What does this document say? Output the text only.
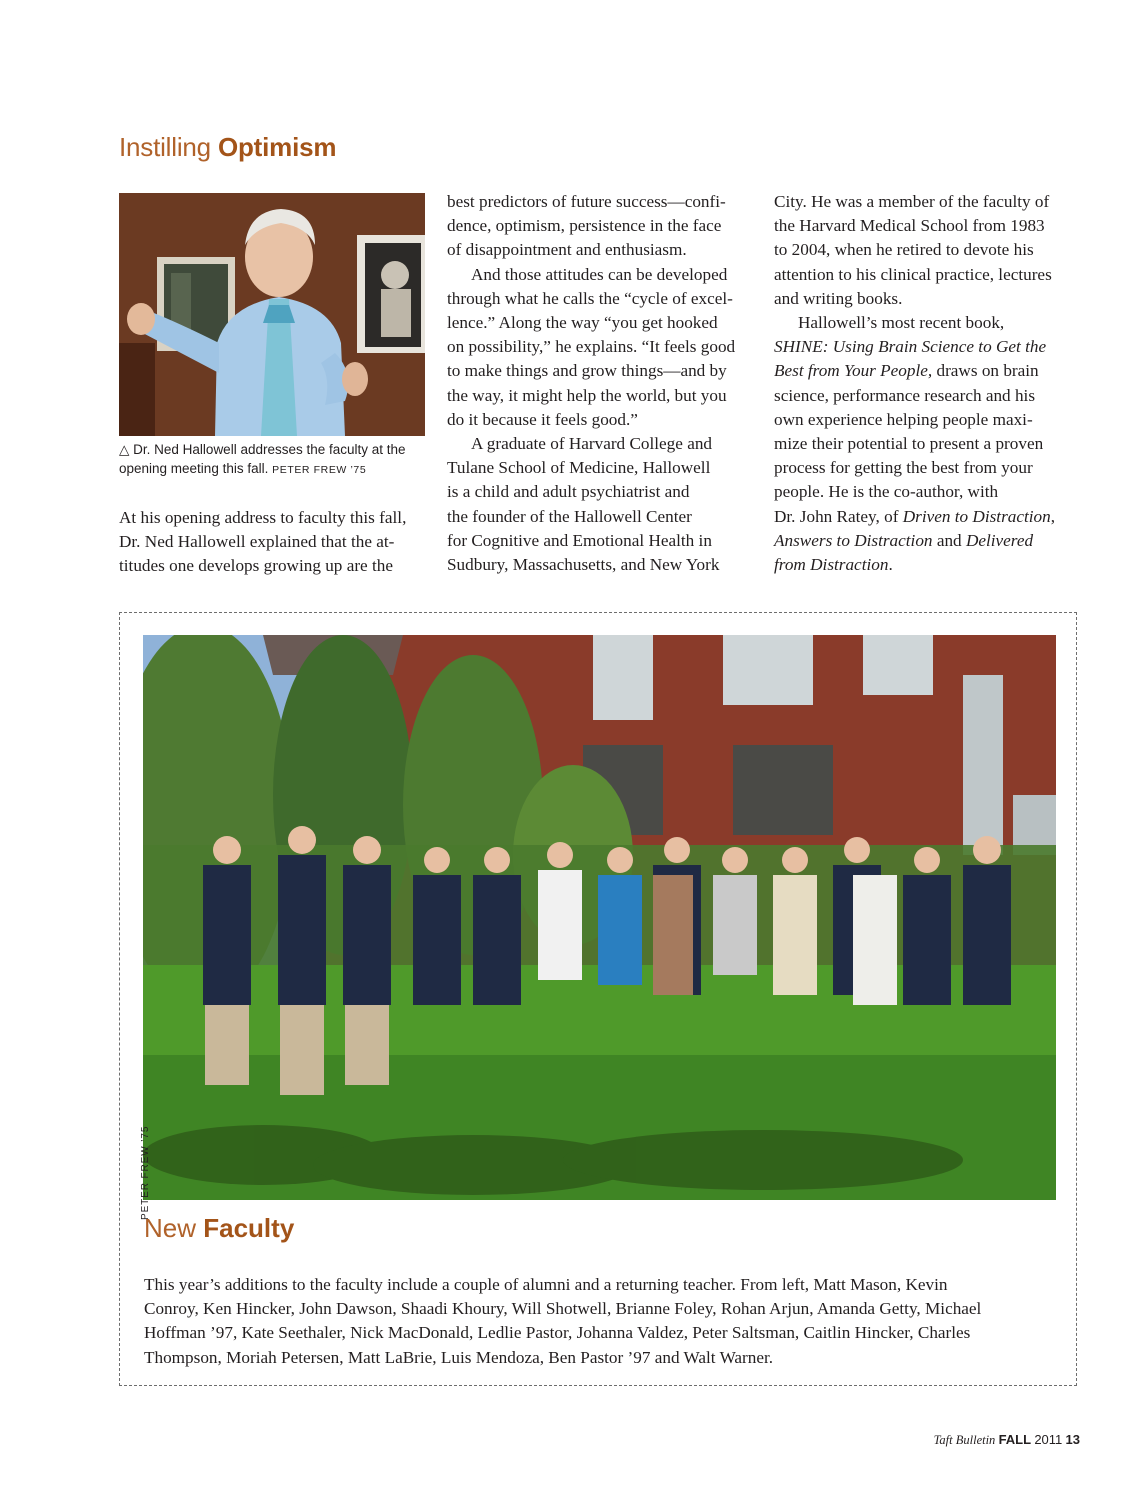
Instilling Optimism
△ Dr. Ned Hallowell addresses the faculty at the opening meeting this fall. PETER FREW ’75
At his opening address to faculty this fall,
Dr. Ned Hallowell explained that the at-
titudes one develops growing up are the
best predictors of future success—confi-
dence, optimism, persistence in the face
of disappointment and enthusiasm.
And those attitudes can be developed
through what he calls the “cycle of excel-
lence.” Along the way “you get hooked
on possibility,” he explains. “It feels good
to make things and grow things—and by
the way, it might help the world, but you
do it because it feels good.”
A graduate of Harvard College and
Tulane School of Medicine, Hallowell
is a child and adult psychiatrist and
the founder of the Hallowell Center
for Cognitive and Emotional Health in
Sudbury, Massachusetts, and New York
City. He was a member of the faculty of
the Harvard Medical School from 1983
to 2004, when he retired to devote his
attention to his clinical practice, lectures
and writing books.
Hallowell’s most recent book,
SHINE: Using Brain Science to Get the
Best from Your People, draws on brain
science, performance research and his
own experience helping people maxi-
mize their potential to present a proven
process for getting the best from your
people. He is the co-author, with
Dr. John Ratey, of Driven to Distraction,
Answers to Distraction and Delivered
from Distraction.
PETER FREW ’75
New Faculty
This year’s additions to the faculty include a couple of alumni and a returning teacher. From left, Matt Mason, Kevin
Conroy, Ken Hincker, John Dawson, Shaadi Khoury, Will Shotwell, Brianne Foley, Rohan Arjun, Amanda Getty, Michael
Hoffman ’97, Kate Seethaler, Nick MacDonald, Ledlie Pastor, Johanna Valdez, Peter Saltsman, Caitlin Hincker, Charles
Thompson, Moriah Petersen, Matt LaBrie, Luis Mendoza, Ben Pastor ’97 and Walt Warner.
Taft Bulletin FALL 2011 13
